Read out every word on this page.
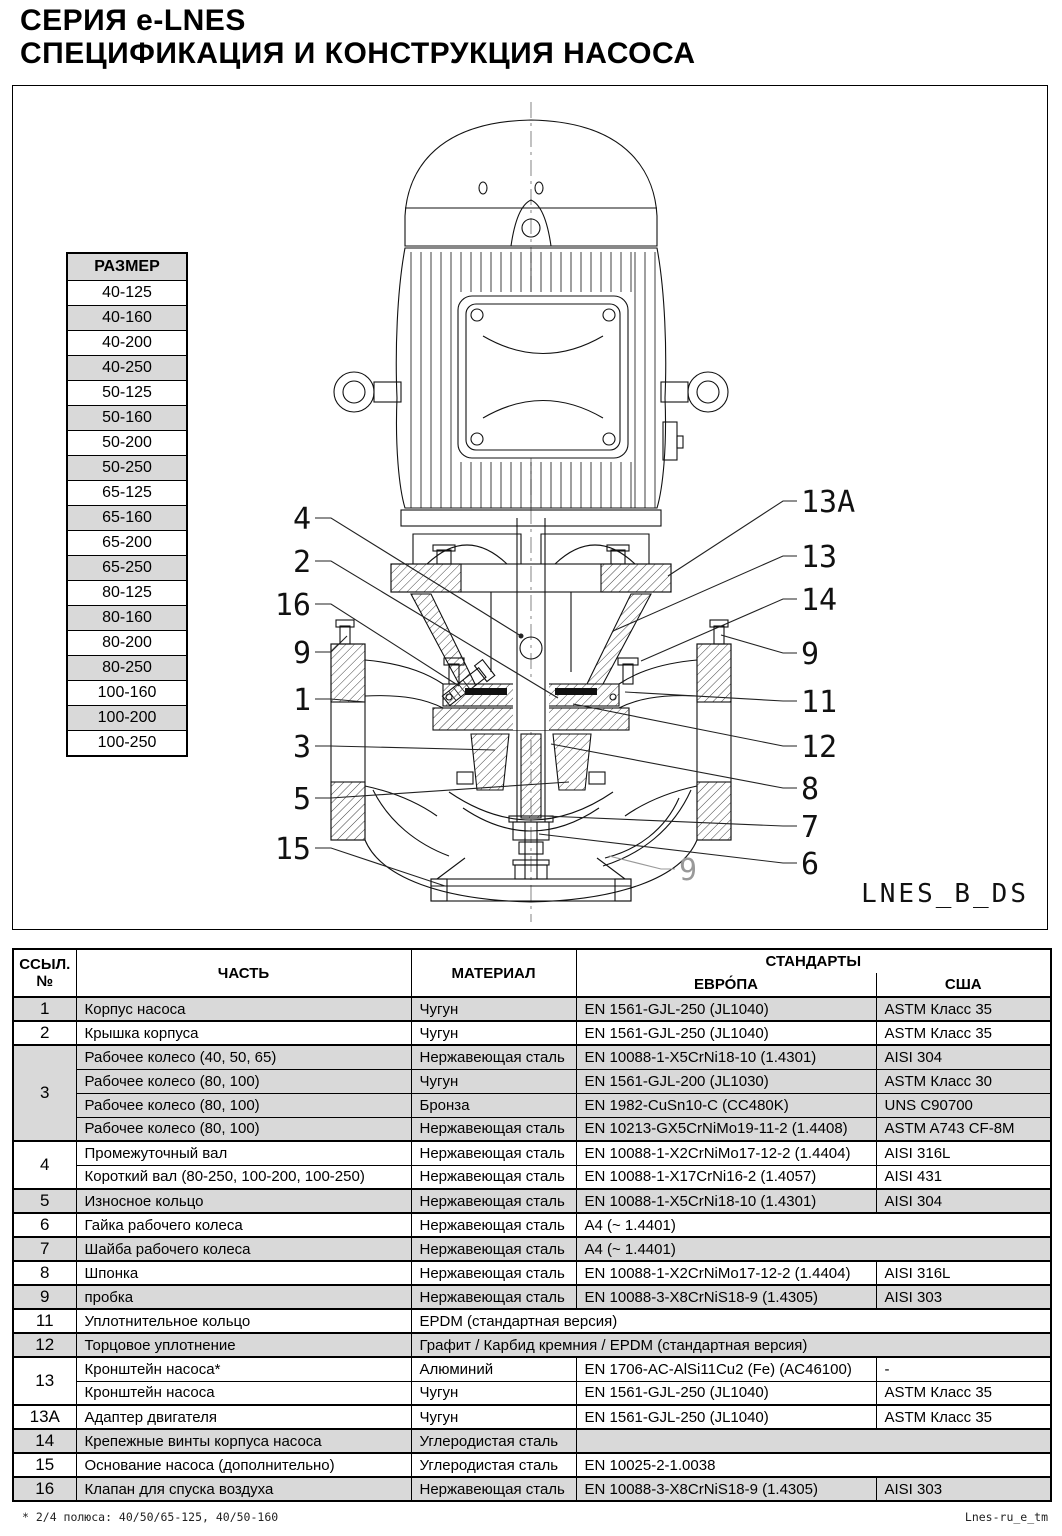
СЕРИЯ e-LNES
СПЕЦИФИКАЦИЯ И КОНСТРУКЦИЯ НАСОСА
4
2
16
9
1
3
5
15
13A
13
14
9
11
12
8
7
6
9
LNES_B_DS
РАЗМЕР
40-125
40-160
40-200
40-250
50-125
50-160
50-200
50-250
65-125
65-160
65-200
65-250
80-125
80-160
80-200
80-250
100-160
100-200
100-250
ССЫЛ.
№	ЧАСТЬ	МАТЕРИАЛ	СТАНДАРТЫ	
			ЕВРО́ПА	США
1	Корпус насоса	Чугун	EN 1561-GJL-250 (JL1040)	ASTM Класс 35
2	Крышка корпуса	Чугун	EN 1561-GJL-250 (JL1040)	ASTM Класс 35
3	Рабочее колесо (40, 50, 65)	Нержавеющая сталь	EN 10088-1-X5CrNi18-10 (1.4301)	AISI 304
	Рабочее колесо (80, 100)	Чугун	EN 1561-GJL-200 (JL1030)	ASTM Класс 30
	Рабочее колесо (80, 100)	Бронза	EN 1982-CuSn10-C (CC480K)	UNS C90700
	Рабочее колесо (80, 100)	Нержавеющая сталь	EN 10213-GX5CrNiMo19-11-2 (1.4408)	ASTM A743 CF-8M
4	Промежуточный вал	Нержавеющая сталь	EN 10088-1-X2CrNiMo17-12-2 (1.4404)	AISI 316L
	Короткий вал (80-250, 100-200, 100-250)	Нержавеющая сталь	EN 10088-1-X17CrNi16-2 (1.4057)	AISI 431
5	Износное кольцо	Нержавеющая сталь	EN 10088-1-X5CrNi18-10 (1.4301)	AISI 304
6	Гайка рабочего колеса	Нержавеющая сталь	A4 (~ 1.4401)	
7	Шайба рабочего колеса	Нержавеющая сталь	A4 (~ 1.4401)	
8	Шпонка	Нержавеющая сталь	EN 10088-1-X2CrNiMo17-12-2 (1.4404)	AISI 316L
9	пробка	Нержавеющая сталь	EN 10088-3-X8CrNiS18-9 (1.4305)	AISI 303
11	Уплотнительное кольцо	EPDM (стандартная версия)		
12	Торцовое уплотнение	Графит / Карбид кремния / EPDM (стандартная версия)		
13	Кронштейн насоса*	Алюминий	EN 1706-AC-AlSi11Cu2 (Fe) (AC46100)	-
	Кронштейн насоса	Чугун	EN 1561-GJL-250 (JL1040)	ASTM Класс 35
13A	Адаптер двигателя	Чугун	EN 1561-GJL-250 (JL1040)	ASTM Класс 35
14	Крепежные винты корпуса насоса	Углеродистая сталь		
15	Основание насоса (дополнительно)	Углеродистая сталь	EN 10025-2-1.0038	
16	Клапан для спуска воздуха	Нержавеющая сталь	EN 10088-3-X8CrNiS18-9 (1.4305)	AISI 303
* 2/4 полюса: 40/50/65-125, 40/50-160	Lnes-ru_e_tm
